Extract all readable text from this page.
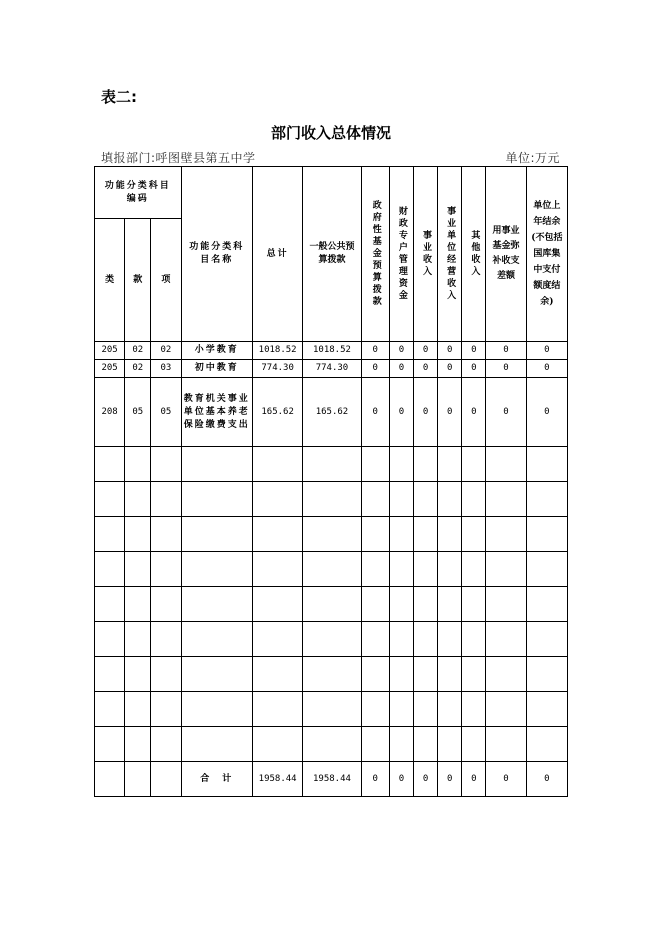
表二:
部门收入总体情况
填报部门:呼图壁县第五中学	单位:万元
功能分类科目编码			功能分类科目名称	总计	一般公共预算拨款	政府性基金预算拨款	财政专户管理资金	事业收入	事业单位经营收入	其他收入	用事业基金弥补收支差额	单位上年结余(不包括国库集中支付额度结余)
类	款	项										
205	02	02	小学教育	1018.52	1018.52	0	0	0	0	0	0	0
205	02	03	初中教育	774.30	774.30	0	0	0	0	0	0	0
208	05	05	教育机关事业单位基本养老保险缴费支出	165.62	165.62	0	0	0	0	0	0	0

			合　计	1958.44	1958.44	0	0	0	0	0	0	0
